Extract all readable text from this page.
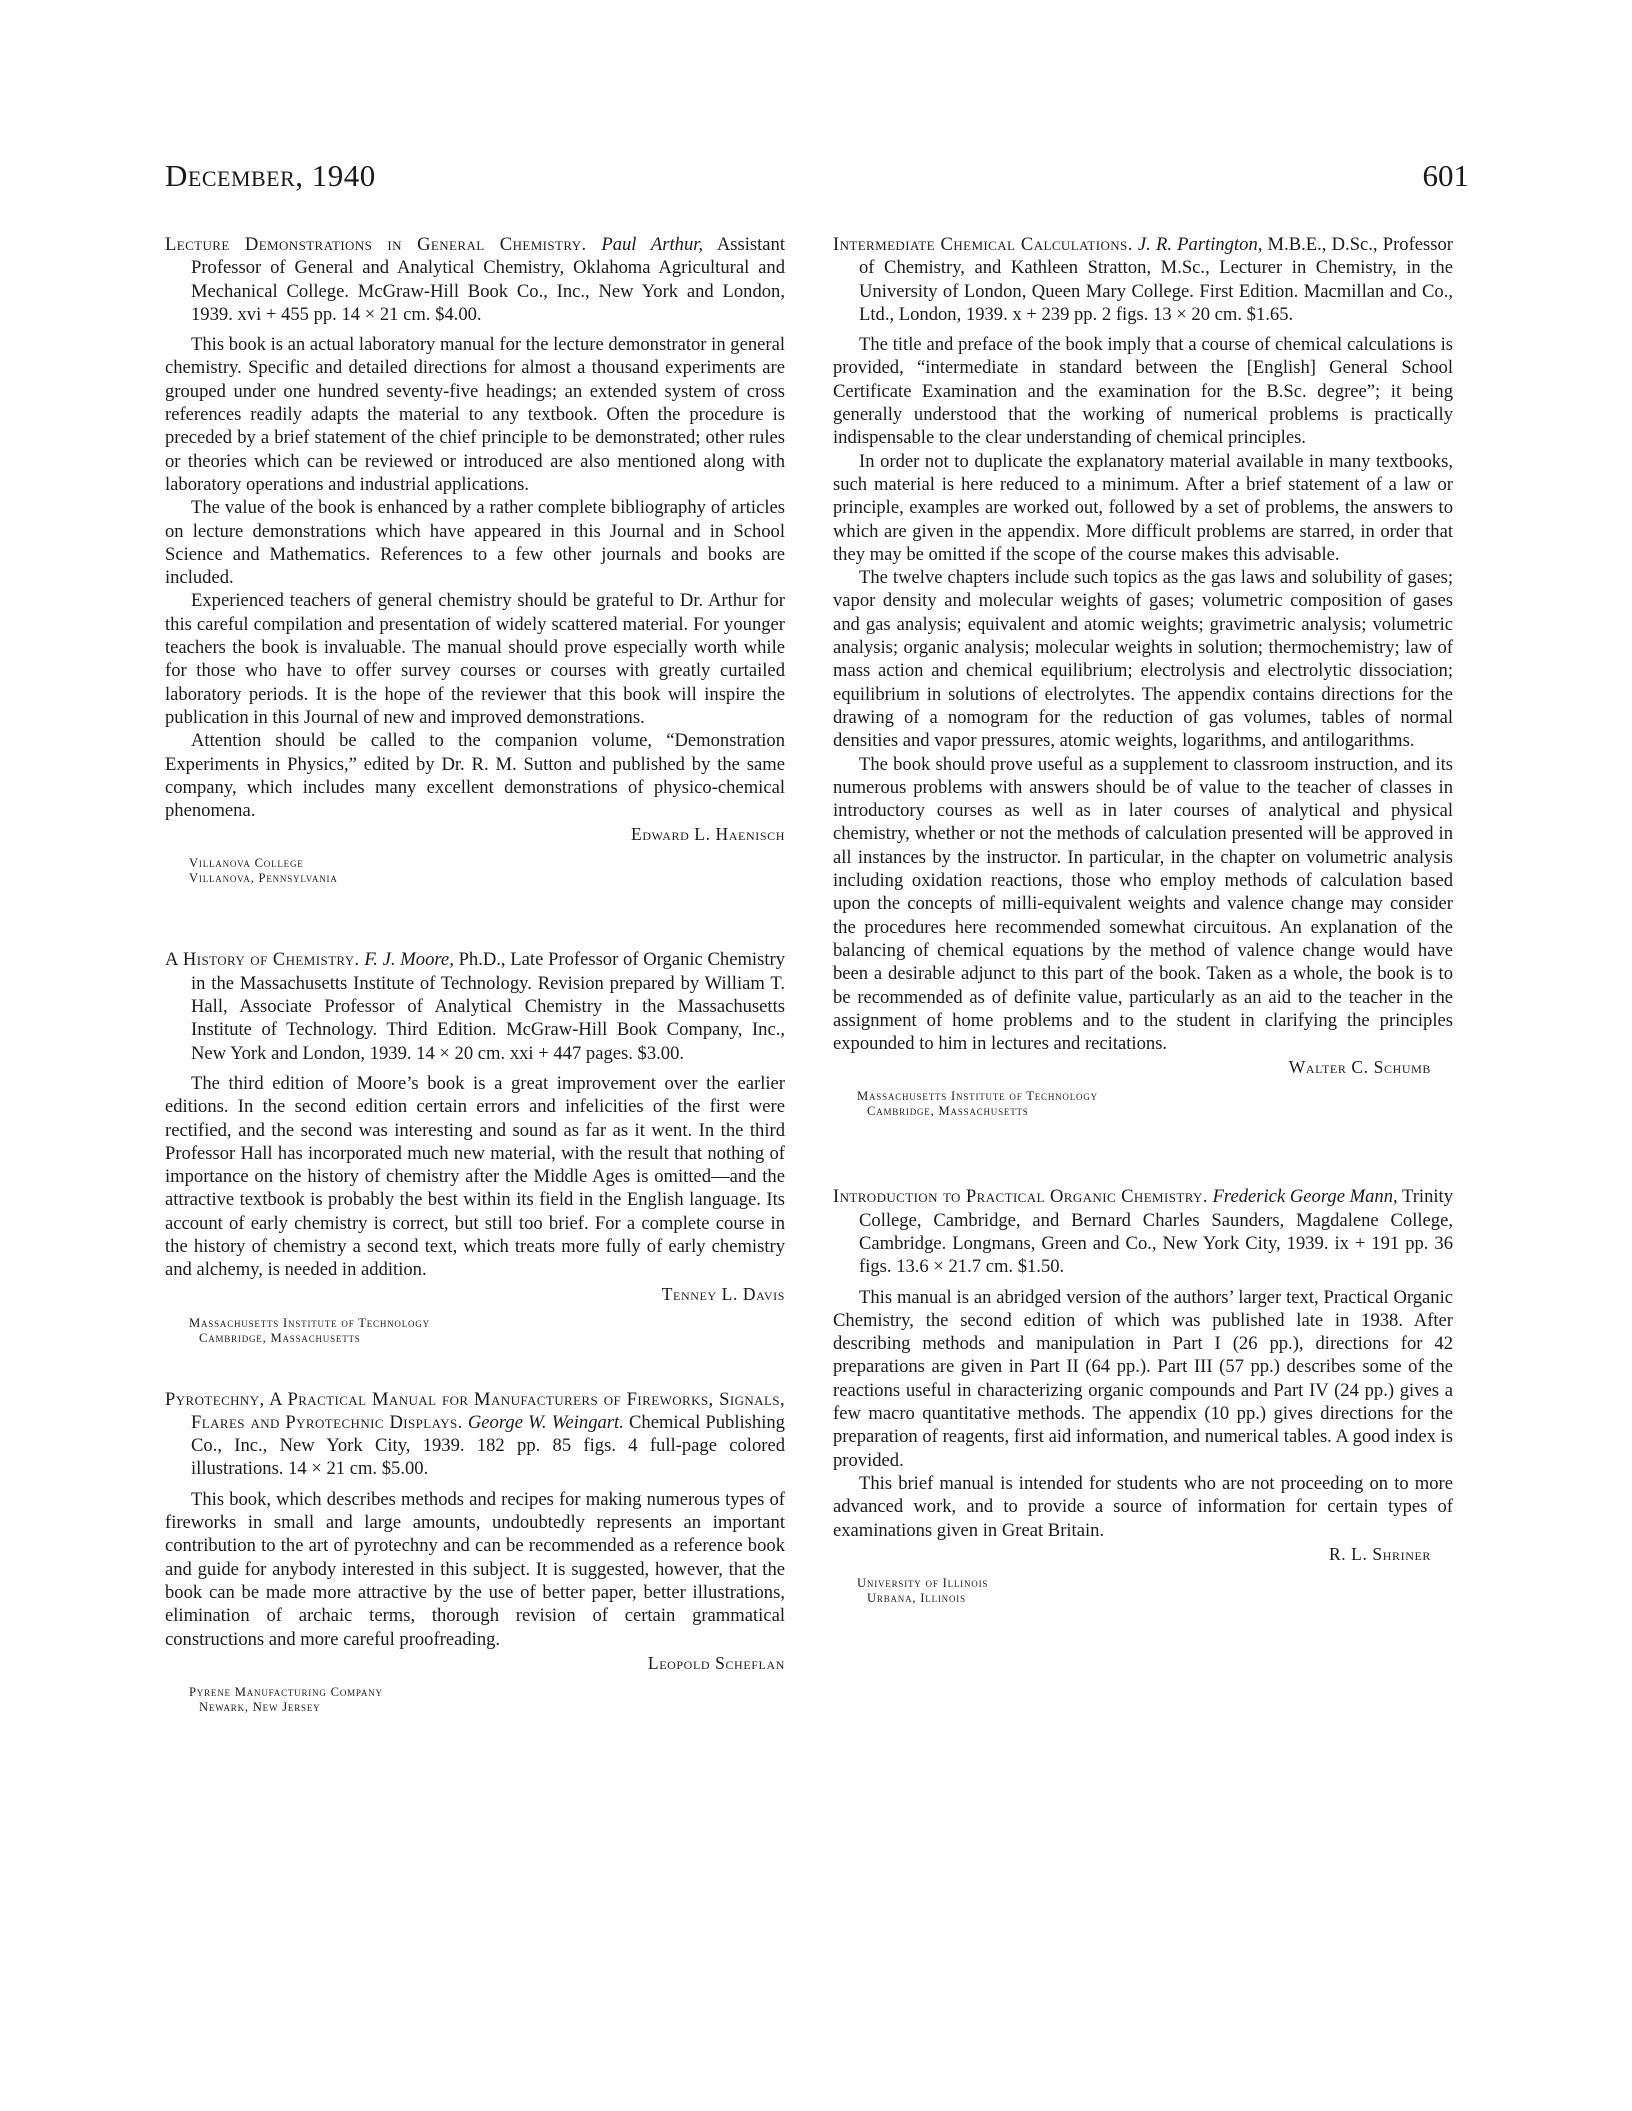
December, 1940	601

Lecture Demonstrations in General Chemistry. Paul Arthur, Assistant Professor of General and Analytical Chemistry, Oklahoma Agricultural and Mechanical College. McGraw-Hill Book Co., Inc., New York and London, 1939. xvi + 455 pp. 14 × 21 cm. $4.00.

This book is an actual laboratory manual for the lecture demonstrator in general chemistry. Specific and detailed directions for almost a thousand experiments are grouped under one hundred seventy-five headings; an extended system of cross references readily adapts the material to any textbook. Often the procedure is preceded by a brief statement of the chief principle to be demonstrated; other rules or theories which can be reviewed or introduced are also mentioned along with laboratory operations and industrial applications.

The value of the book is enhanced by a rather complete bibliography of articles on lecture demonstrations which have appeared in this Journal and in School Science and Mathematics. References to a few other journals and books are included.

Experienced teachers of general chemistry should be grateful to Dr. Arthur for this careful compilation and presentation of widely scattered material. For younger teachers the book is invaluable. The manual should prove especially worth while for those who have to offer survey courses or courses with greatly curtailed laboratory periods. It is the hope of the reviewer that this book will inspire the publication in this Journal of new and improved demonstrations.

Attention should be called to the companion volume, “Demonstration Experiments in Physics,” edited by Dr. R. M. Sutton and published by the same company, which includes many excellent demonstrations of physico-chemical phenomena.

Edward L. Haenisch
Villanova College
Villanova, Pennsylvania

A History of Chemistry. F. J. Moore, Ph.D., Late Professor of Organic Chemistry in the Massachusetts Institute of Technology. Revision prepared by William T. Hall, Associate Professor of Analytical Chemistry in the Massachusetts Institute of Technology. Third Edition. McGraw-Hill Book Company, Inc., New York and London, 1939. 14 × 20 cm. xxi + 447 pages. $3.00.

The third edition of Moore’s book is a great improvement over the earlier editions. In the second edition certain errors and infelicities of the first were rectified, and the second was interesting and sound as far as it went. In the third Professor Hall has incorporated much new material, with the result that nothing of importance on the history of chemistry after the Middle Ages is omitted—and the attractive textbook is probably the best within its field in the English language. Its account of early chemistry is correct, but still too brief. For a complete course in the history of chemistry a second text, which treats more fully of early chemistry and alchemy, is needed in addition.

Tenney L. Davis
Massachusetts Institute of Technology
Cambridge, Massachusetts

Pyrotechny, A Practical Manual for Manufacturers of Fireworks, Signals, Flares and Pyrotechnic Displays. George W. Weingart. Chemical Publishing Co., Inc., New York City, 1939. 182 pp. 85 figs. 4 full-page colored illustrations. 14 × 21 cm. $5.00.

This book, which describes methods and recipes for making numerous types of fireworks in small and large amounts, undoubtedly represents an important contribution to the art of pyrotechny and can be recommended as a reference book and guide for anybody interested in this subject. It is suggested, however, that the book can be made more attractive by the use of better paper, better illustrations, elimination of archaic terms, thorough revision of certain grammatical constructions and more careful proofreading.

Leopold Scheflan
Pyrene Manufacturing Company
Newark, New Jersey

Intermediate Chemical Calculations. J. R. Partington, M.B.E., D.Sc., Professor of Chemistry, and Kathleen Stratton, M.Sc., Lecturer in Chemistry, in the University of London, Queen Mary College. First Edition. Macmillan and Co., Ltd., London, 1939. x + 239 pp. 2 figs. 13 × 20 cm. $1.65.

The title and preface of the book imply that a course of chemical calculations is provided, “intermediate in standard between the [English] General School Certificate Examination and the examination for the B.Sc. degree”; it being generally understood that the working of numerical problems is practically indispensable to the clear understanding of chemical principles.

In order not to duplicate the explanatory material available in many textbooks, such material is here reduced to a minimum. After a brief statement of a law or principle, examples are worked out, followed by a set of problems, the answers to which are given in the appendix. More difficult problems are starred, in order that they may be omitted if the scope of the course makes this advisable.

The twelve chapters include such topics as the gas laws and solubility of gases; vapor density and molecular weights of gases; volumetric composition of gases and gas analysis; equivalent and atomic weights; gravimetric analysis; volumetric analysis; organic analysis; molecular weights in solution; thermochemistry; law of mass action and chemical equilibrium; electrolysis and electrolytic dissociation; equilibrium in solutions of electrolytes. The appendix contains directions for the drawing of a nomogram for the reduction of gas volumes, tables of normal densities and vapor pressures, atomic weights, logarithms, and antilogarithms.

The book should prove useful as a supplement to classroom instruction, and its numerous problems with answers should be of value to the teacher of classes in introductory courses as well as in later courses of analytical and physical chemistry, whether or not the methods of calculation presented will be approved in all instances by the instructor. In particular, in the chapter on volumetric analysis including oxidation reactions, those who employ methods of calculation based upon the concepts of milli-equivalent weights and valence change may consider the procedures here recommended somewhat circuitous. An explanation of the balancing of chemical equations by the method of valence change would have been a desirable adjunct to this part of the book. Taken as a whole, the book is to be recommended as of definite value, particularly as an aid to the teacher in the assignment of home problems and to the student in clarifying the principles expounded to him in lectures and recitations.

Walter C. Schumb
Massachusetts Institute of Technology
Cambridge, Massachusetts

Introduction to Practical Organic Chemistry. Frederick George Mann, Trinity College, Cambridge, and Bernard Charles Saunders, Magdalene College, Cambridge. Longmans, Green and Co., New York City, 1939. ix + 191 pp. 36 figs. 13.6 × 21.7 cm. $1.50.

This manual is an abridged version of the authors’ larger text, Practical Organic Chemistry, the second edition of which was published late in 1938. After describing methods and manipulation in Part I (26 pp.), directions for 42 preparations are given in Part II (64 pp.). Part III (57 pp.) describes some of the reactions useful in characterizing organic compounds and Part IV (24 pp.) gives a few macro quantitative methods. The appendix (10 pp.) gives directions for the preparation of reagents, first aid information, and numerical tables. A good index is provided.

This brief manual is intended for students who are not proceeding on to more advanced work, and to provide a source of information for certain types of examinations given in Great Britain.

R. L. Shriner
University of Illinois
Urbana, Illinois
